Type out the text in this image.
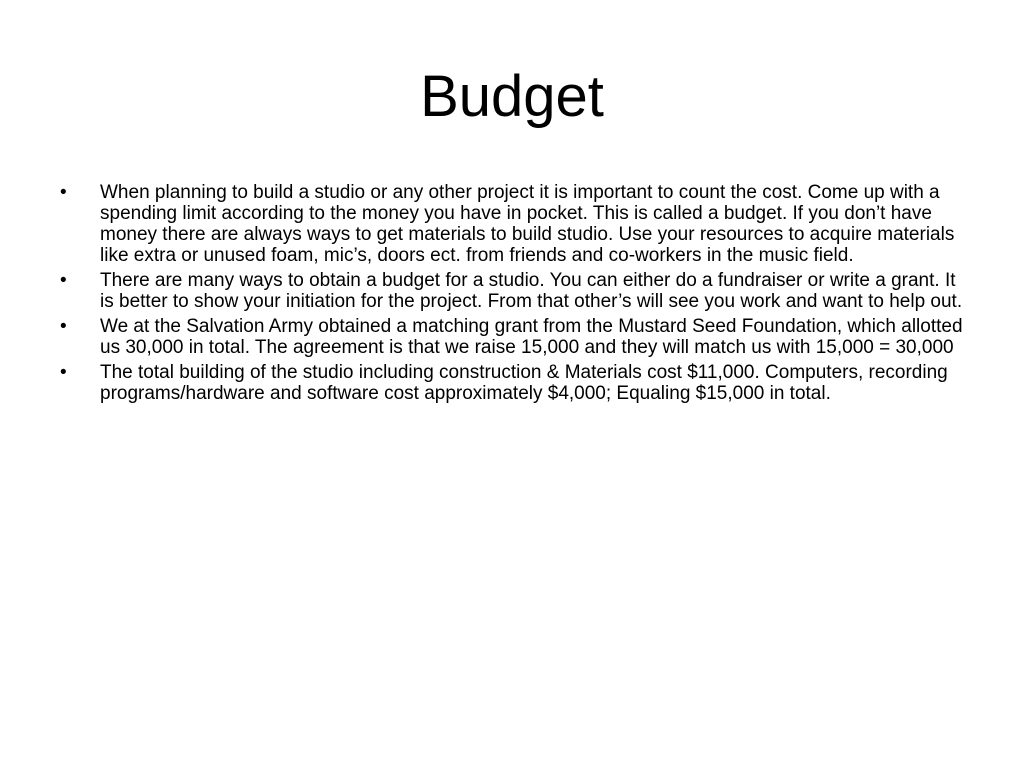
Budget
•	When planning to build a studio or any other project it is important to count the cost. Come up with a spending limit according to the money you have in pocket. This is called a budget. If you don’t have money there are always ways to get materials to build studio. Use your resources to acquire materials like extra or unused foam, mic’s, doors ect. from friends and co-workers in the music field.
•	There are many ways to obtain a budget for a studio. You can either do a fundraiser or write a grant. It is better to show your initiation for the project. From that other’s will see you work and want to help out.
•	We at the Salvation Army obtained a matching grant from the Mustard Seed Foundation, which allotted us 30,000 in total. The agreement is that we raise 15,000 and they will match us with 15,000 = 30,000
•	The total building of the studio including construction & Materials cost $11,000. Computers, recording programs/hardware and software cost approximately $4,000; Equaling $15,000 in total.
